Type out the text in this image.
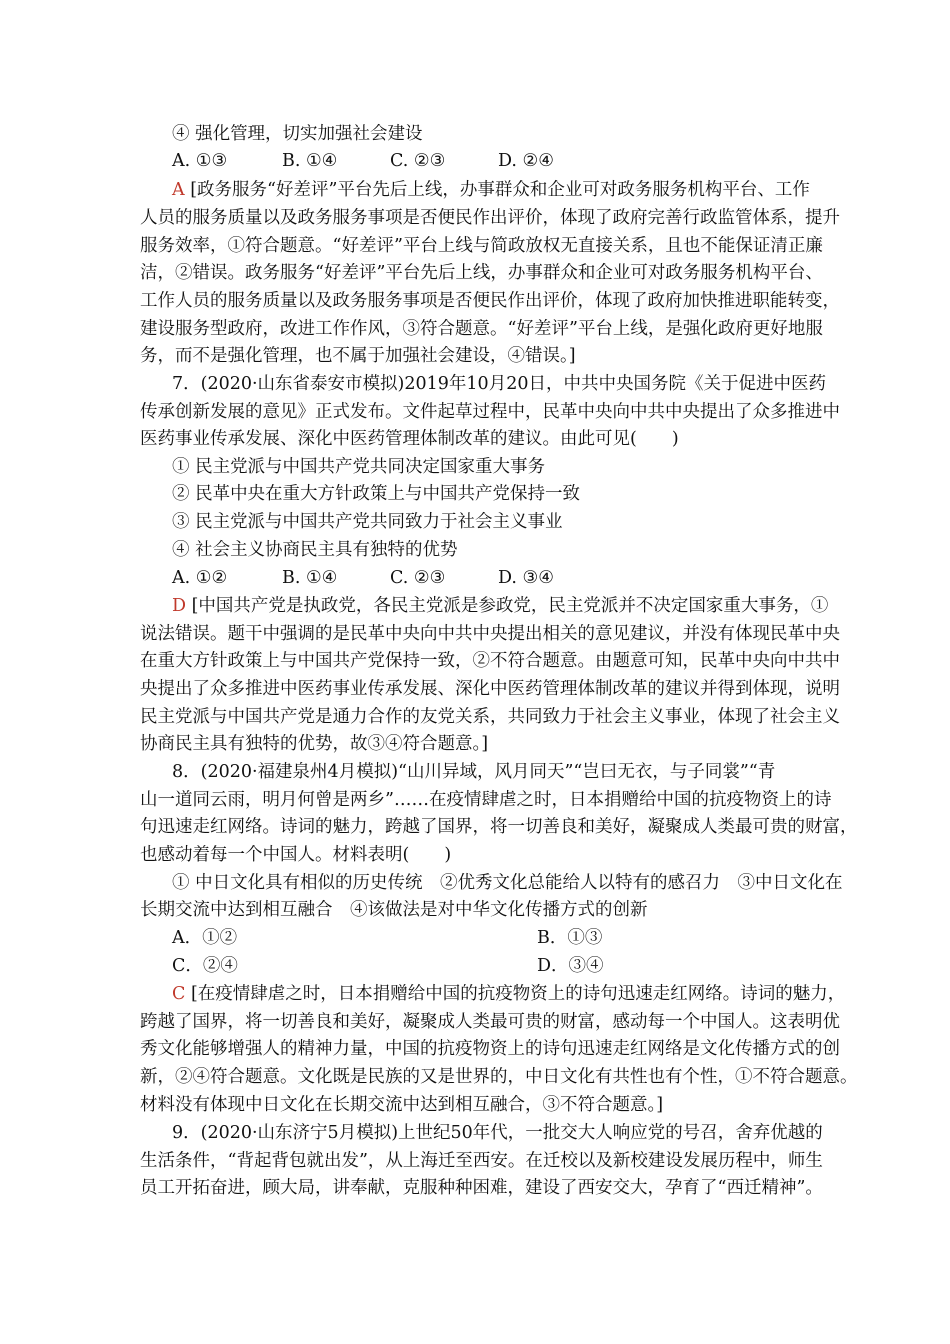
④ 强化管理，切实加强社会建设
A. ①③	B. ①④	C. ②③	D. ②④
A [政务服务“好差评”平台先后上线，办事群众和企业可对政务服务机构平台、工作
人员的服务质量以及政务服务事项是否便民作出评价，体现了政府完善行政监管体系，提升
服务效率，①符合题意。“好差评”平台上线与简政放权无直接关系，且也不能保证清正廉
洁，②错误。政务服务“好差评”平台先后上线，办事群众和企业可对政务服务机构平台、
工作人员的服务质量以及政务服务事项是否便民作出评价，体现了政府加快推进职能转变，
建设服务型政府，改进工作作风，③符合题意。“好差评”平台上线，是强化政府更好地服
务，而不是强化管理，也不属于加强社会建设，④错误。]
7．(2020·山东省泰安市模拟)2019年10月20日，中共中央国务院《关于促进中医药
传承创新发展的意见》正式发布。文件起草过程中，民革中央向中共中央提出了众多推进中
医药事业传承发展、深化中医药管理体制改革的建议。由此可见(　　)
① 民主党派与中国共产党共同决定国家重大事务
② 民革中央在重大方针政策上与中国共产党保持一致
③ 民主党派与中国共产党共同致力于社会主义事业
④ 社会主义协商民主具有独特的优势
A. ①②	B. ①④	C. ②③	D. ③④
D [中国共产党是执政党，各民主党派是参政党，民主党派并不决定国家重大事务，①
说法错误。题干中强调的是民革中央向中共中央提出相关的意见建议，并没有体现民革中央
在重大方针政策上与中国共产党保持一致，②不符合题意。由题意可知，民革中央向中共中
央提出了众多推进中医药事业传承发展、深化中医药管理体制改革的建议并得到体现，说明
民主党派与中国共产党是通力合作的友党关系，共同致力于社会主义事业，体现了社会主义
协商民主具有独特的优势，故③④符合题意。]
8．(2020·福建泉州4月模拟)“山川异域，风月同天”“岂曰无衣，与子同裳”“青
山一道同云雨，明月何曾是两乡”……在疫情肆虐之时，日本捐赠给中国的抗疫物资上的诗
句迅速走红网络。诗词的魅力，跨越了国界，将一切善良和美好，凝聚成人类最可贵的财富，
也感动着每一个中国人。材料表明(　　)
① 中日文化具有相似的历史传统　②优秀文化总能给人以特有的感召力　③中日文化在
长期交流中达到相互融合　④该做法是对中华文化传播方式的创新
A．①②	B．①③
C．②④	D．③④
C [在疫情肆虐之时，日本捐赠给中国的抗疫物资上的诗句迅速走红网络。诗词的魅力，
跨越了国界，将一切善良和美好，凝聚成人类最可贵的财富，感动每一个中国人。这表明优
秀文化能够增强人的精神力量，中国的抗疫物资上的诗句迅速走红网络是文化传播方式的创
新，②④符合题意。文化既是民族的又是世界的，中日文化有共性也有个性，①不符合题意。
材料没有体现中日文化在长期交流中达到相互融合，③不符合题意。]
9．(2020·山东济宁5月模拟)上世纪50年代，一批交大人响应党的号召，舍弃优越的
生活条件，“背起背包就出发”，从上海迁至西安。在迁校以及新校建设发展历程中，师生
员工开拓奋进，顾大局，讲奉献，克服种种困难，建设了西安交大，孕育了“西迁精神”。
